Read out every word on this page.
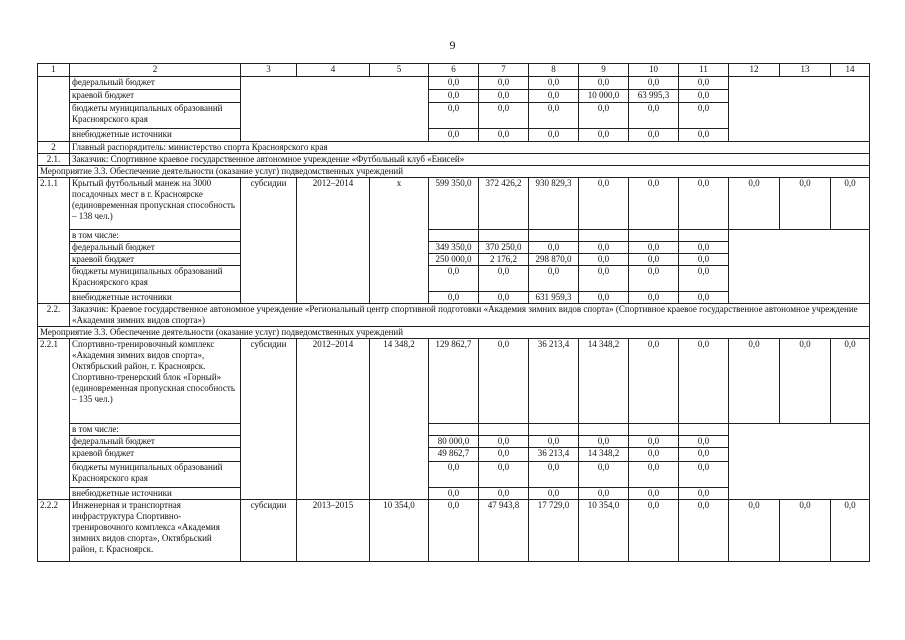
9
1	2	3	4	5	6	7	8	9	10	11	12	13	14
	федеральный бюджет				0,0	0,0	0,0	0,0	0,0	0,0			
	краевой бюджет				0,0	0,0	0,0	10 000,0	63 995,3	0,0			
	бюджеты муниципальных образований Красноярского края				0,0	0,0	0,0	0,0	0,0	0,0			
	внебюджетные источники				0,0	0,0	0,0	0,0	0,0	0,0			
2	Главный распорядитель: министерство спорта Красноярского края												
2.1.	Заказчик: Спортивное краевое государственное автономное учреждение «Футбольный клуб «Енисей»												
Мероприятие 3.3. Обеспечение деятельности (оказание услуг) подведомственных учреждений													
2.1.1	Крытый футбольный манеж на 3000 посадочных мест в г. Красноярске (единовременная пропускная способность – 138 чел.)	субсидии	2012–2014	x	599 350,0	372 426,2	930 829,3	0,0	0,0	0,0	0,0	0,0	0,0
	в том числе:												
	федеральный бюджет				349 350,0	370 250,0	0,0	0,0	0,0	0,0			
	краевой бюджет				250 000,0	2 176,2	298 870,0	0,0	0,0	0,0			
	бюджеты муниципальных образований Красноярского края				0,0	0,0	0,0	0,0	0,0	0,0			
	внебюджетные источники				0,0	0,0	631 959,3	0,0	0,0	0,0			
2.2.	Заказчик: Краевое государственное автономное учреждение «Региональный центр спортивной подготовки «Академия зимних видов спорта» (Спортивное краевое государственное автономное учреждение «Академия зимних видов спорта»)												
Мероприятие 3.3. Обеспечение деятельности (оказание услуг) подведомственных учреждений													
2.2.1	Спортивно-тренировочный комплекс «Академия зимних видов спорта», Октябрьский район, г. Красноярск. Спортивно-тренерский блок «Горный» (единовременная пропускная способность – 135 чел.)	субсидии	2012–2014	14 348,2	129 862,7	0,0	36 213,4	14 348,2	0,0	0,0	0,0	0,0	0,0
	в том числе:												
	федеральный бюджет				80 000,0	0,0	0,0	0,0	0,0	0,0			
	краевой бюджет				49 862,7	0,0	36 213,4	14 348,2	0,0	0,0			
	бюджеты муниципальных образований Красноярского края				0,0	0,0	0,0	0,0	0,0	0,0			
	внебюджетные источники				0,0	0,0	0,0	0,0	0,0	0,0			
2.2.2	Инженерная и транспортная инфраструктура Спортивно-тренировочного комплекса «Академия зимних видов спорта», Октябрьский район, г. Красноярск.	субсидии	2013–2015	10 354,0	0,0	47 943,8	17 729,0	10 354,0	0,0	0,0	0,0	0,0	0,0
